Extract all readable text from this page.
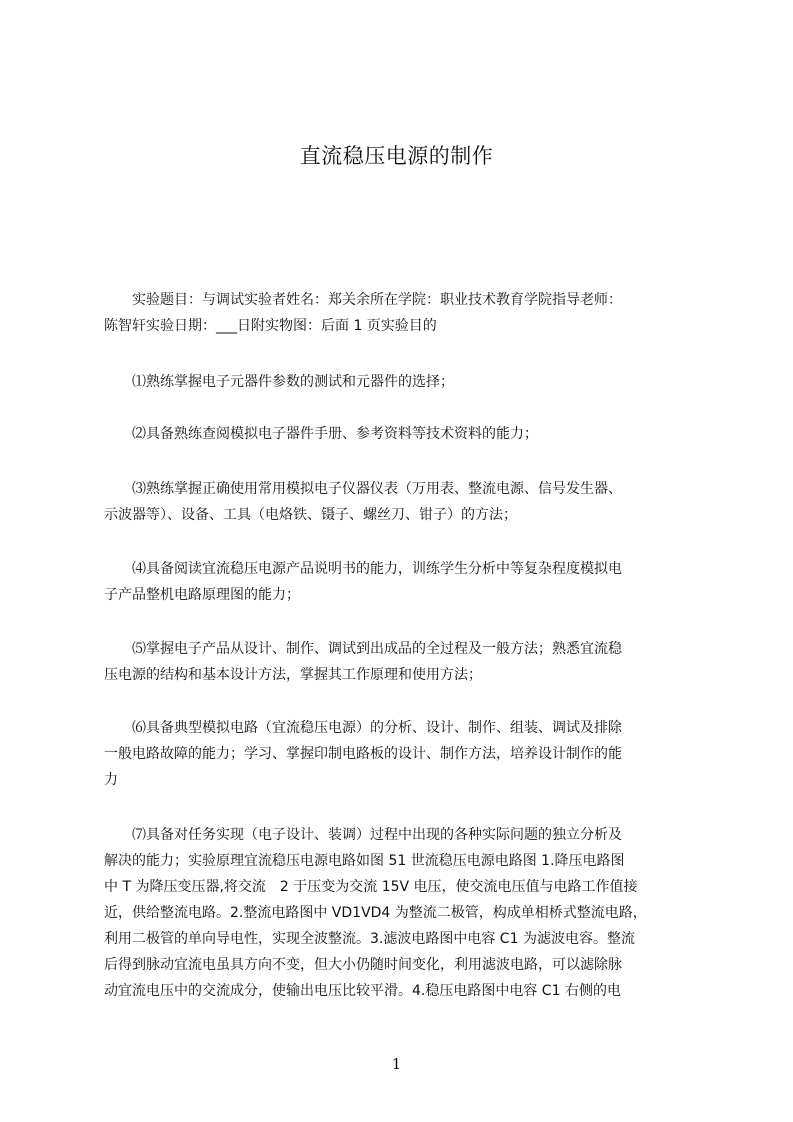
直流稳压电源的制作
　　实验题目：与调试实验者姓名：郑关余所在学院：职业技术教育学院指导老师：
陈智轩实验日期：___日附实物图：后面 1 页实验目的
　　⑴熟练掌握电子元器件参数的测试和元器件的选择；
　　⑵具备熟练查阅模拟电子器件手册、参考资料等技术资料的能力；
　　⑶熟练掌握正确使用常用模拟电子仪器仪表（万用表、整流电源、信号发生器、
示波器等）、设备、工具（电烙铁、镊子、螺丝刀、钳子）的方法；
　　⑷具备阅读宜流稳压电源产品说明书的能力，训练学生分析中等复杂程度模拟电
子产品整机电路原理图的能力；
　　⑸掌握电子产品从设计、制作、调试到出成品的全过程及一般方法；熟悉宜流稳
压电源的结构和基本设计方法，掌握其工作原理和使用方法；
　　⑹具备典型模拟电路（宜流稳压电源）的分析、设计、制作、组装、调试及排除
一般电路故障的能力；学习、掌握印制电路板的设计、制作方法，培养设计制作的能
力
　　⑺具备对任务实现（电子设计、装调）过程中出现的各种实际问题的独立分析及
解决的能力；实验原理宜流稳压电源电路如图 51 世流稳压电源电路图 1.降压电路图
中 T 为降压变压器,将交流　2 于压变为交流 15V 电压，使交流电压值与电路工作值接
近，供给整流电路。2.整流电路图中 VD1VD4 为整流二极管，构成单相桥式整流电路，
利用二极管的单向导电性，实现全波整流。3.滤波电路图中电容 C1 为滤波电容。整流
后得到脉动宜流电虽具方向不变，但大小仍随时间变化，利用滤波电路，可以滤除脉
动宜流电压中的交流成分，使输出电压比较平滑。4.稳压电路图中电容 C1 右侧的电
1
